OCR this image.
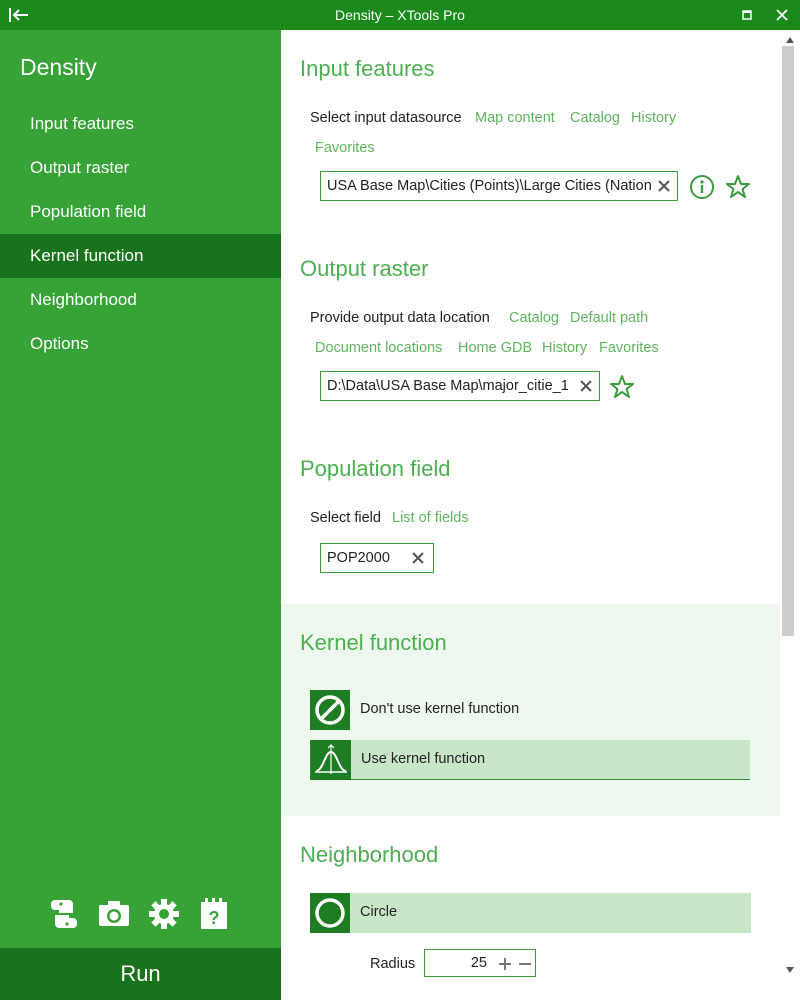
Density – XTools Pro
Density
Input features
Output raster
Population field
Kernel function
Neighborhood
Options
?
Run
Input features
Select input datasource Map content Catalog History
Favorites
USA Base Map\Cities (Points)\Large Cities (Nation
Output raster
Provide output data location Catalog Default path
Document locations Home GDB History Favorites
D:\Data\USA Base Map\major_citie_1
Population field
Select field List of fields
POP2000
Kernel function
Don't use kernel function
Use kernel function
Neighborhood
Circle
Radius	25
